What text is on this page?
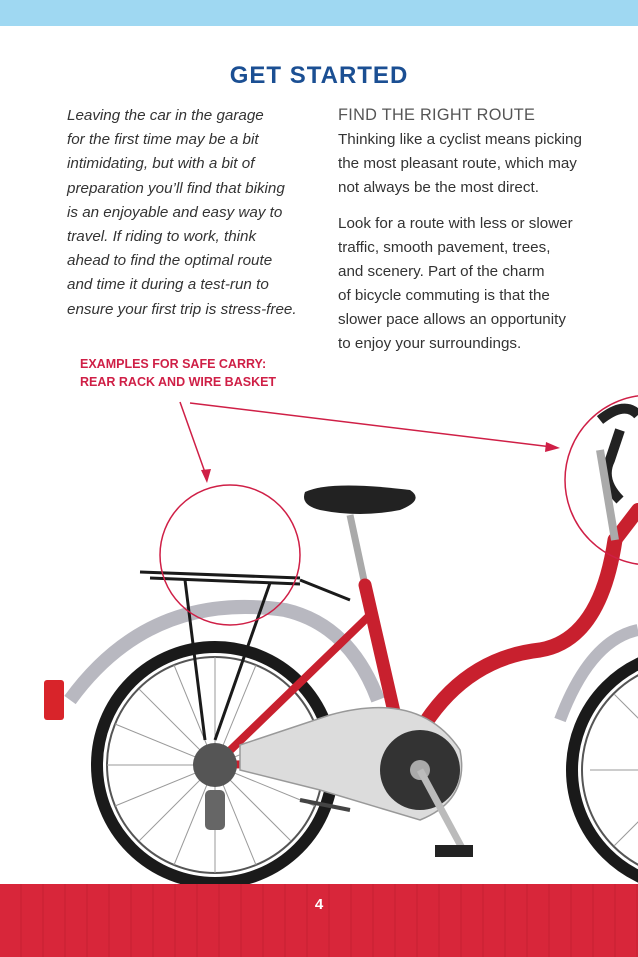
GET STARTED

Leaving the car in the garage

for the first time may be a bit

intimidating, but with a bit of

preparation you’ll find that biking

is an enjoyable and easy way to

travel. If riding to work, think

ahead to find the optimal route

and time it during a test-run to

ensure your first trip is stress-free.

FIND THE RIGHT ROUTE

Thinking like a cyclist means picking
the most pleasant route, which may
not always be the most direct.

Look for a route with less or slower
traffic, smooth pavement, trees,
and scenery. Part of the charm
of bicycle commuting is that the
slower pace allows an opportunity
to enjoy your surroundings.

EXAMPLES FOR SAFE CARRY:
REAR RACK AND WIRE BASKET
4
